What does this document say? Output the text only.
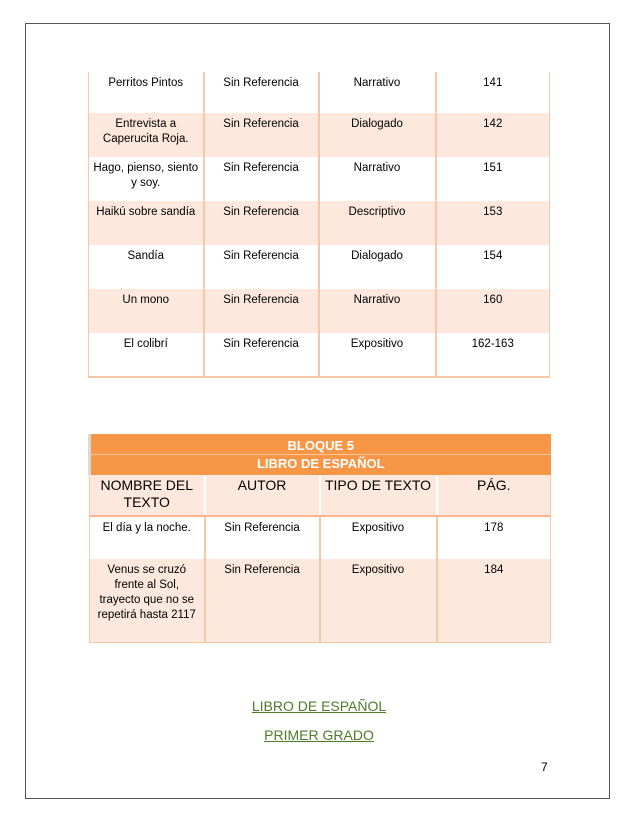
Perritos Pintos	Sin Referencia	Narrativo	141
Entrevista a Caperucita Roja.	Sin Referencia	Dialogado	142
Hago, pienso, siento y soy.	Sin Referencia	Narrativo	151
Haikú sobre sandía	Sin Referencia	Descriptivo	153
Sandía	Sin Referencia	Dialogado	154
Un mono	Sin Referencia	Narrativo	160
El colibrí	Sin Referencia	Expositivo	162-163
BLOQUE 5			
LIBRO DE ESPAÑOL			
NOMBRE DEL TEXTO	AUTOR	TIPO DE TEXTO	PÁG.
El día y la noche.	Sin Referencia	Expositivo	178
Venus se cruzó frente al Sol, trayecto que no se repetirá hasta 2117	Sin Referencia	Expositivo	184
LIBRO DE ESPAÑOL
PRIMER GRADO
7
